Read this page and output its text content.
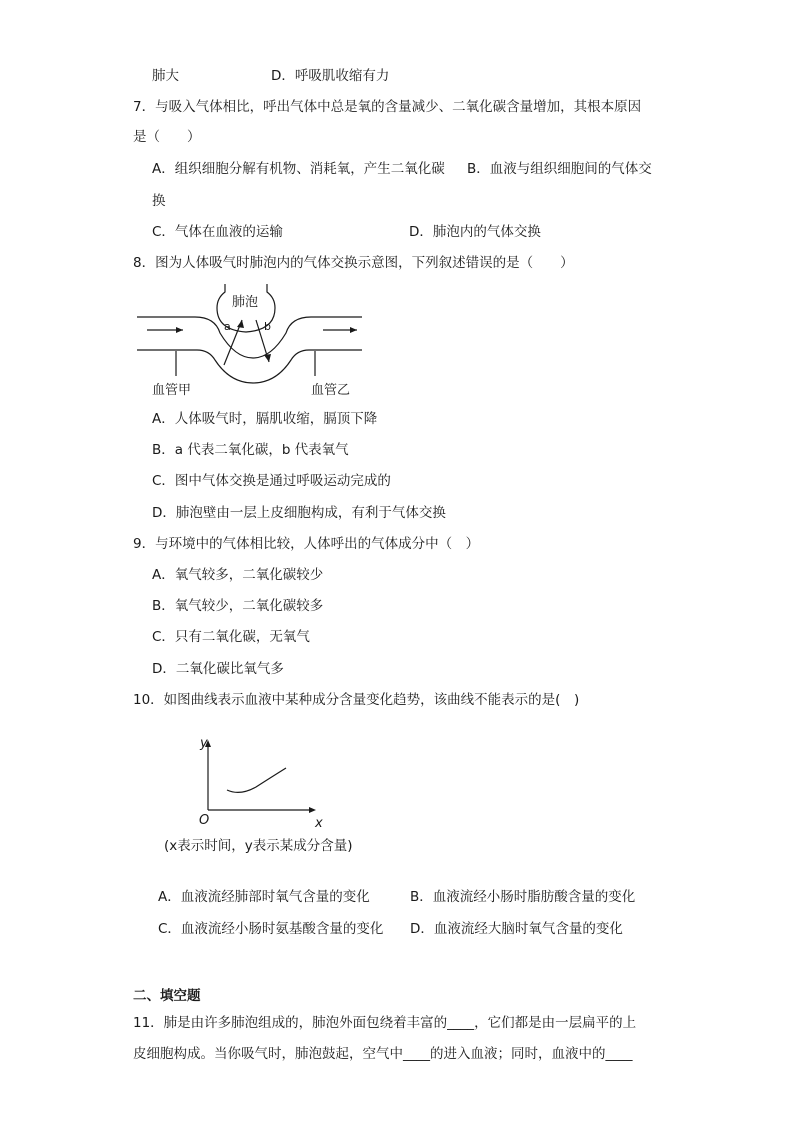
肺大	D．呼吸肌收缩有力
7．与吸入气体相比，呼出气体中总是氧的含量减少、二氧化碳含量增加，其根本原因
是（　　）
A．组织细胞分解有机物、消耗氧，产生二氧化碳 B．血液与组织细胞间的气体交
换
C．气体在血液的运输	D．肺泡内的气体交换
8．图为人体吸气时肺泡内的气体交换示意图，下列叙述错误的是（　　）
肺泡
a	b
血管甲	血管乙
A．人体吸气时，膈肌收缩，膈顶下降
B．a 代表二氧化碳，b 代表氧气
C．图中气体交换是通过呼吸运动完成的
D．肺泡壁由一层上皮细胞构成，有利于气体交换
9．与环境中的气体相比较，人体呼出的气体成分中（　）
A．氧气较多，二氧化碳较少
B．氧气较少，二氧化碳较多
C．只有二氧化碳，无氧气
D．二氧化碳比氧气多
10．如图曲线表示血液中某种成分含量变化趋势，该曲线不能表示的是(　)
y
x
O
(x表示时间，y表示某成分含量)
A．血液流经肺部时氧气含量的变化	B．血液流经小肠时脂肪酸含量的变化
C．血液流经小肠时氨基酸含量的变化 D．血液流经大脑时氧气含量的变化
二、填空题
11．肺是由许多肺泡组成的，肺泡外面包绕着丰富的____，它们都是由一层扁平的上
皮细胞构成。当你吸气时，肺泡鼓起，空气中____的进入血液；同时，血液中的____
